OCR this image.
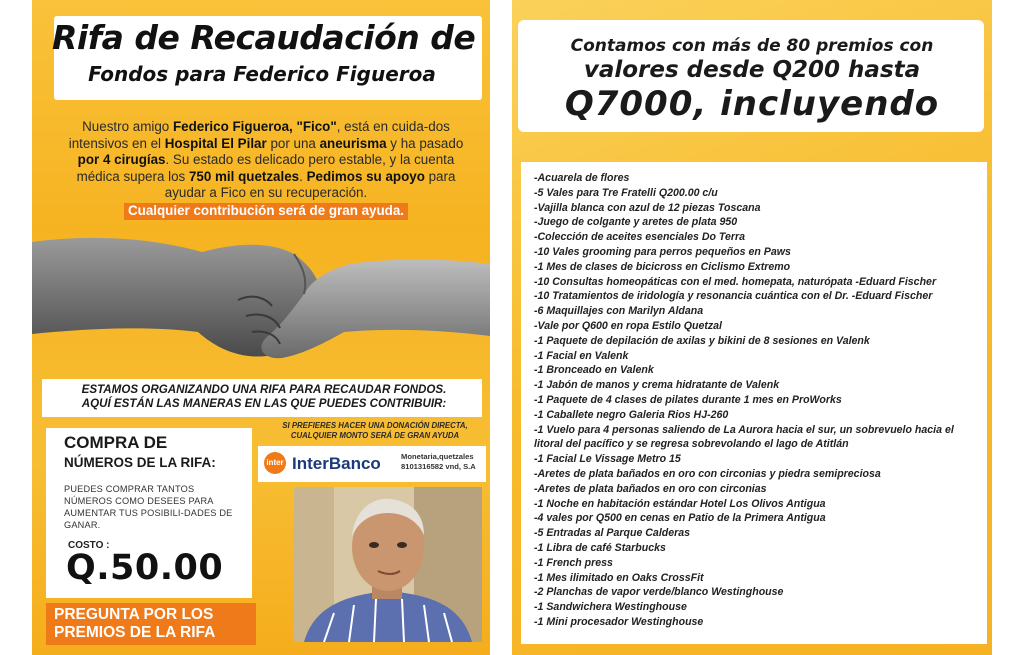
Rifa de Recaudación de
Fondos para Federico Figueroa
Nuestro amigo Federico Figueroa, "Fico", está en cuida-dos intensivos en el Hospital El Pilar por una aneurisma y ha pasado por 4 cirugías. Su estado es delicado pero estable, y la cuenta médica supera los 750 mil quetzales. Pedimos su apoyo para ayudar a Fico en su recuperación.
Cualquier contribución será de gran ayuda.
ESTAMOS ORGANIZANDO UNA RIFA PARA RECAUDAR FONDOS.
AQUÍ ESTÁN LAS MANERAS EN LAS QUE PUEDES CONTRIBUIR:
COMPRA DE
NÚMEROS DE LA RIFA:
PUEDES COMPRAR TANTOS NÚMEROS COMO DESEES PARA AUMENTAR TUS POSIBILI-DADES DE GANAR.
COSTO :
Q.50.00
PREGUNTA POR LOS
PREMIOS DE LA RIFA
SI PREFIERES HACER UNA DONACIÓN DIRECTA,
CUALQUIER MONTO SERÁ DE GRAN AYUDA
inter InterBanco	Monetaria,quetzales
8101316582 vnd, S.A
Contamos con más de 80 premios con
valores desde Q200 hasta
Q7000, incluyendo

-Acuarela de flores

-5 Vales para Tre Fratelli Q200.00 c/u

-Vajilla blanca con azul de 12 piezas Toscana

-Juego de colgante y aretes de plata 950

-Colección de aceites esenciales Do Terra

-10 Vales grooming para perros pequeños en Paws

-1 Mes de clases de bicicross en Ciclismo Extremo

-10 Consultas homeopáticas con el med. homepata, naturópata -Eduard Fischer

-10 Tratamientos de iridología y resonancia cuántica con el Dr. -Eduard Fischer

-6 Maquillajes con Marilyn Aldana

-Vale por Q600 en ropa Estilo Quetzal

-1 Paquete de depilación de axilas y bikini de 8 sesiones en Valenk

-1 Facial en Valenk

-1 Bronceado en Valenk

-1 Jabón de manos y crema hidratante de Valenk

-1 Paquete de 4 clases de pilates durante 1 mes en ProWorks

-1 Caballete negro Galeria Rios HJ-260

-1 Vuelo para 4 personas saliendo de La Aurora hacia el sur, un sobrevuelo hacia el litoral del pacífico y se regresa sobrevolando el lago de Atitlán

-1 Facial Le Vissage Metro 15

-Aretes de plata bañados en oro con circonias y piedra semipreciosa

-Aretes de plata bañados en oro con circonias

-1 Noche en habitación estándar Hotel Los Olivos Antigua

-4 vales por Q500 en cenas en Patio de la Primera Antigua

-5 Entradas al Parque Calderas

-1 Libra de café Starbucks

-1 French press

-1 Mes ilimitado en Oaks CrossFit

-2 Planchas de vapor verde/blanco Westinghouse

-1 Sandwichera Westinghouse

-1 Mini procesador Westinghouse
